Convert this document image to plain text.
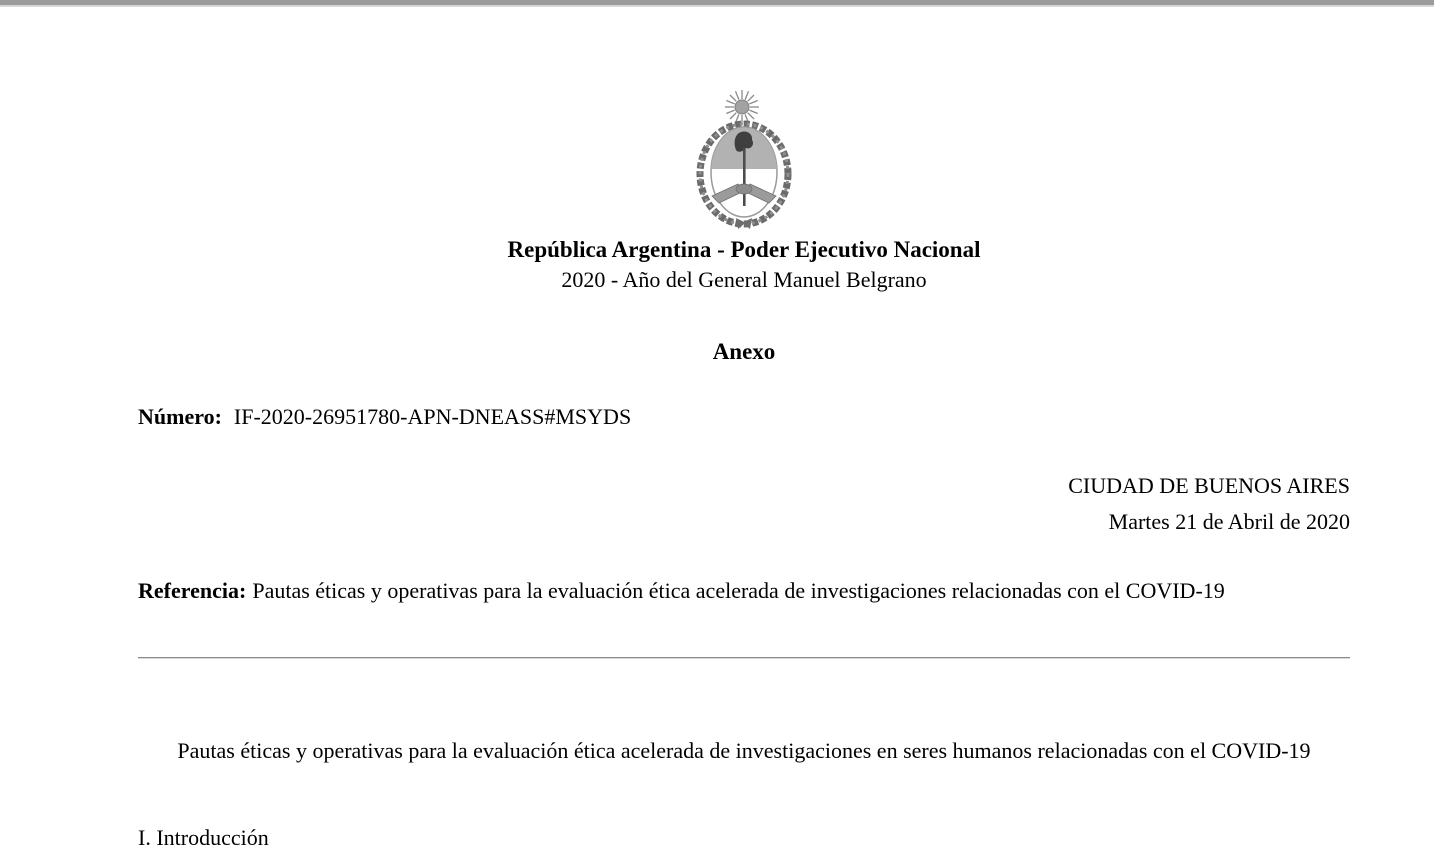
República Argentina - Poder Ejecutivo Nacional
2020 - Año del General Manuel Belgrano
Anexo
Número: IF-2020-26951780-APN-DNEASS#MSYDS
CIUDAD DE BUENOS AIRES
Martes 21 de Abril de 2020
Referencia: Pautas éticas y operativas para la evaluación ética acelerada de investigaciones relacionadas con el COVID-19
Pautas éticas y operativas para la evaluación ética acelerada de investigaciones en seres humanos relacionadas con el COVID-19
I. Introducción
